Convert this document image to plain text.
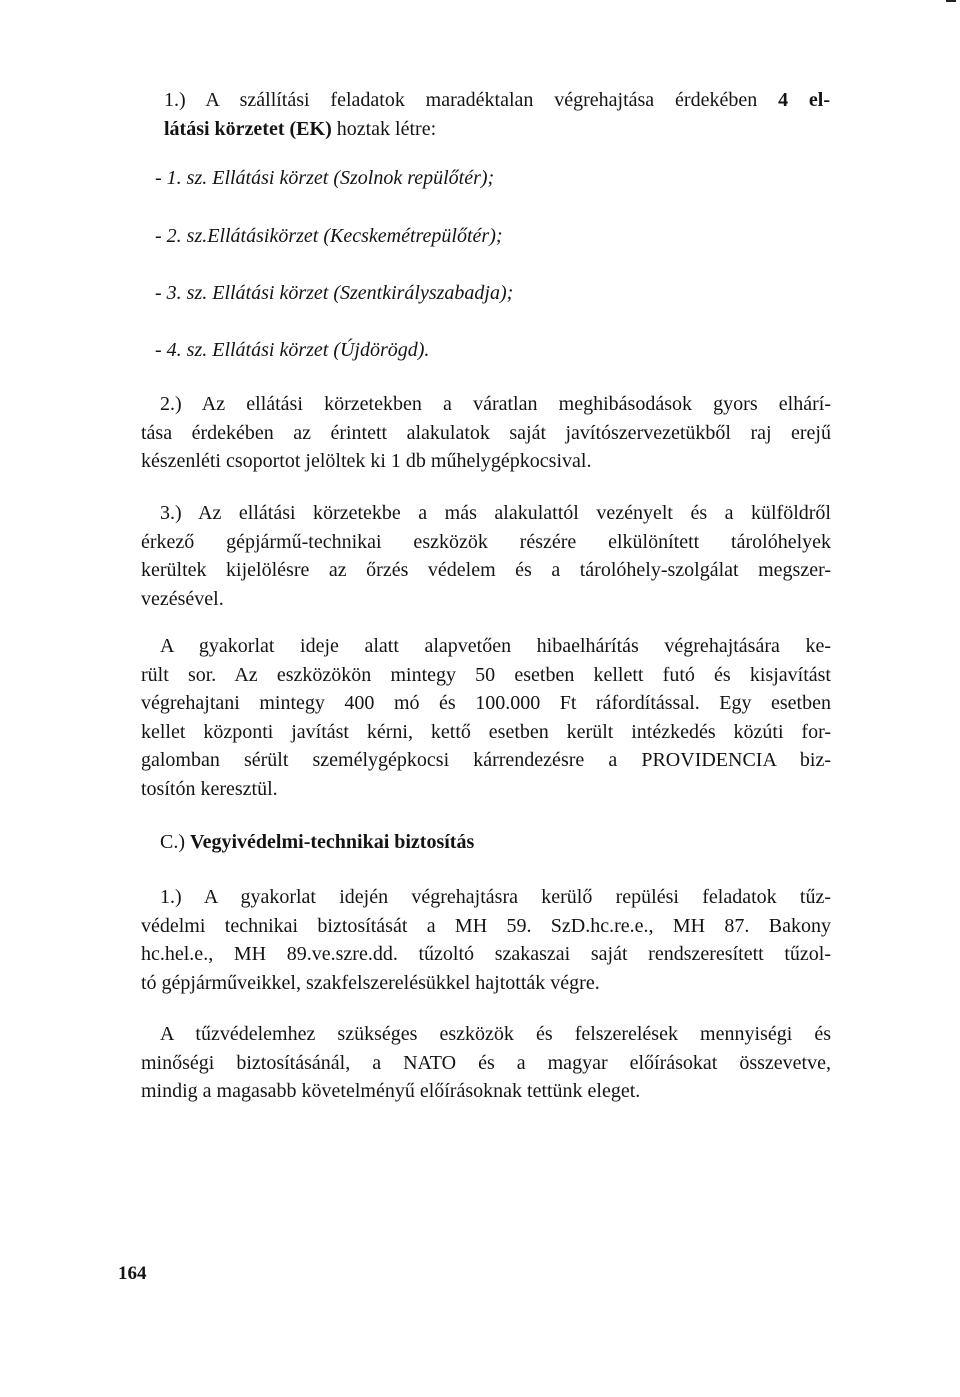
1.) A szállítási feladatok maradéktalan végrehajtása érdekében 4 el-
látási körzetet (EK) hoztak létre:
- 1. sz. Ellátási körzet (Szolnok repülőtér);
- 2. sz.Ellátásikörzet (Kecskemétrepülőtér);
- 3. sz. Ellátási körzet (Szentkirályszabadja);
- 4. sz. Ellátási körzet (Újdörögd).
2.) Az ellátási körzetekben a váratlan meghibásodások gyors elhárí-
tása érdekében az érintett alakulatok saját javítószervezetükből raj erejű
készenléti csoportot jelöltek ki 1 db műhelygépkocsival.
3.) Az ellátási körzetekbe a más alakulattól vezényelt és a külföldről
érkező gépjármű-technikai eszközök részére elkülönített tárolóhelyek
kerültek kijelölésre az őrzés védelem és a tárolóhely-szolgálat megszer-
vezésével.
A gyakorlat ideje alatt alapvetően hibaelhárítás végrehajtására ke-
rült sor. Az eszközökön mintegy 50 esetben kellett futó és kisjavítást
végrehajtani mintegy 400 mó és 100.000 Ft ráfordítással. Egy esetben
kellet központi javítást kérni, kettő esetben került intézkedés közúti for-
galomban sérült személygépkocsi kárrendezésre a PROVIDENCIA biz-
tosítón keresztül.
C.) Vegyivédelmi-technikai biztosítás
1.) A gyakorlat idején végrehajtásra kerülő repülési feladatok tűz-
védelmi technikai biztosítását a MH 59. SzD.hc.re.e., MH 87. Bakony
hc.hel.e., MH 89.ve.szre.dd. tűzoltó szakaszai saját rendszeresített tűzol-
tó gépjárműveikkel, szakfelszerelésükkel hajtották végre.
A tűzvédelemhez szükséges eszközök és felszerelések mennyiségi és
minőségi biztosításánál, a NATO és a magyar előírásokat összevetve,
mindig a magasabb követelményű előírásoknak tettünk eleget.
164
